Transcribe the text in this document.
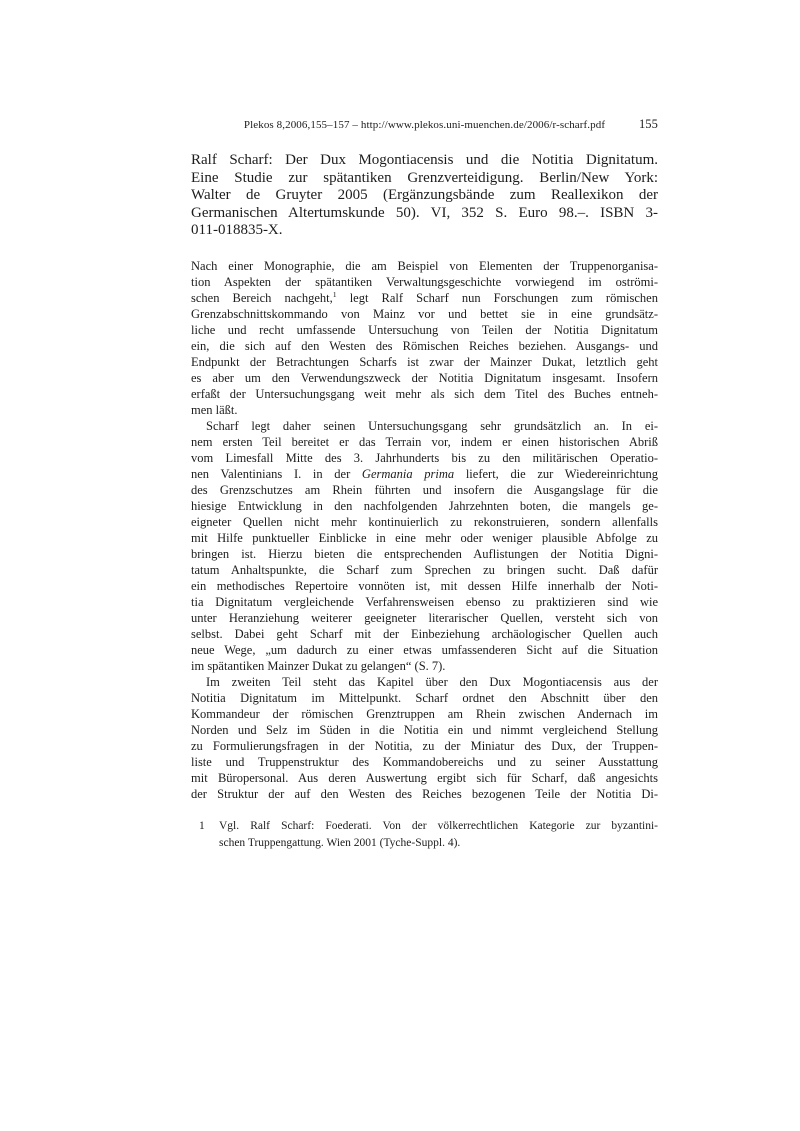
Plekos 8,2006,155–157 – http://www.plekos.uni-muenchen.de/2006/r-scharf.pdf	155
Ralf Scharf: Der Dux Mogontiacensis und die Notitia Dignitatum.
Eine Studie zur spätantiken Grenzverteidigung. Berlin/New York:
Walter de Gruyter 2005 (Ergänzungsbände zum Reallexikon der
Germanischen Altertumskunde 50). VI, 352 S. Euro 98.–. ISBN 3-
011-018835-X.
Nach einer Monographie, die am Beispiel von Elementen der Truppenorganisa-
tion Aspekten der spätantiken Verwaltungsgeschichte vorwiegend im oströmi-
schen Bereich nachgeht,$^1$ legt Ralf Scharf nun Forschungen zum römischen
Grenzabschnittskommando von Mainz vor und bettet sie in eine grundsätz-
liche und recht umfassende Untersuchung von Teilen der Notitia Dignitatum
ein, die sich auf den Westen des Römischen Reiches beziehen. Ausgangs- und
Endpunkt der Betrachtungen Scharfs ist zwar der Mainzer Dukat, letztlich geht
es aber um den Verwendungszweck der Notitia Dignitatum insgesamt. Insofern
erfaßt der Untersuchungsgang weit mehr als sich dem Titel des Buches entneh-
men läßt.
Scharf legt daher seinen Untersuchungsgang sehr grundsätzlich an. In ei-
nem ersten Teil bereitet er das Terrain vor, indem er einen historischen Abriß
vom Limesfall Mitte des 3. Jahrhunderts bis zu den militärischen Operatio-
nen Valentinians I. in der Germania prima liefert, die zur Wiedereinrichtung
des Grenzschutzes am Rhein führten und insofern die Ausgangslage für die
hiesige Entwicklung in den nachfolgenden Jahrzehnten boten, die mangels ge-
eigneter Quellen nicht mehr kontinuierlich zu rekonstruieren, sondern allenfalls
mit Hilfe punktueller Einblicke in eine mehr oder weniger plausible Abfolge zu
bringen ist. Hierzu bieten die entsprechenden Auflistungen der Notitia Digni-
tatum Anhaltspunkte, die Scharf zum Sprechen zu bringen sucht. Daß dafür
ein methodisches Repertoire vonnöten ist, mit dessen Hilfe innerhalb der Noti-
tia Dignitatum vergleichende Verfahrensweisen ebenso zu praktizieren sind wie
unter Heranziehung weiterer geeigneter literarischer Quellen, versteht sich von
selbst. Dabei geht Scharf mit der Einbeziehung archäologischer Quellen auch
neue Wege, „um dadurch zu einer etwas umfassenderen Sicht auf die Situation
im spätantiken Mainzer Dukat zu gelangen“ (S. 7).
Im zweiten Teil steht das Kapitel über den Dux Mogontiacensis aus der
Notitia Dignitatum im Mittelpunkt. Scharf ordnet den Abschnitt über den
Kommandeur der römischen Grenztruppen am Rhein zwischen Andernach im
Norden und Selz im Süden in die Notitia ein und nimmt vergleichend Stellung
zu Formulierungsfragen in der Notitia, zu der Miniatur des Dux, der Truppen-
liste und Truppenstruktur des Kommandobereichs und zu seiner Ausstattung
mit Büropersonal. Aus deren Auswertung ergibt sich für Scharf, daß angesichts
der Struktur der auf den Westen des Reiches bezogenen Teile der Notitia Di-
1 Vgl. Ralf Scharf: Foederati. Von der völkerrechtlichen Kategorie zur byzantini-
schen Truppengattung. Wien 2001 (Tyche-Suppl. 4).
